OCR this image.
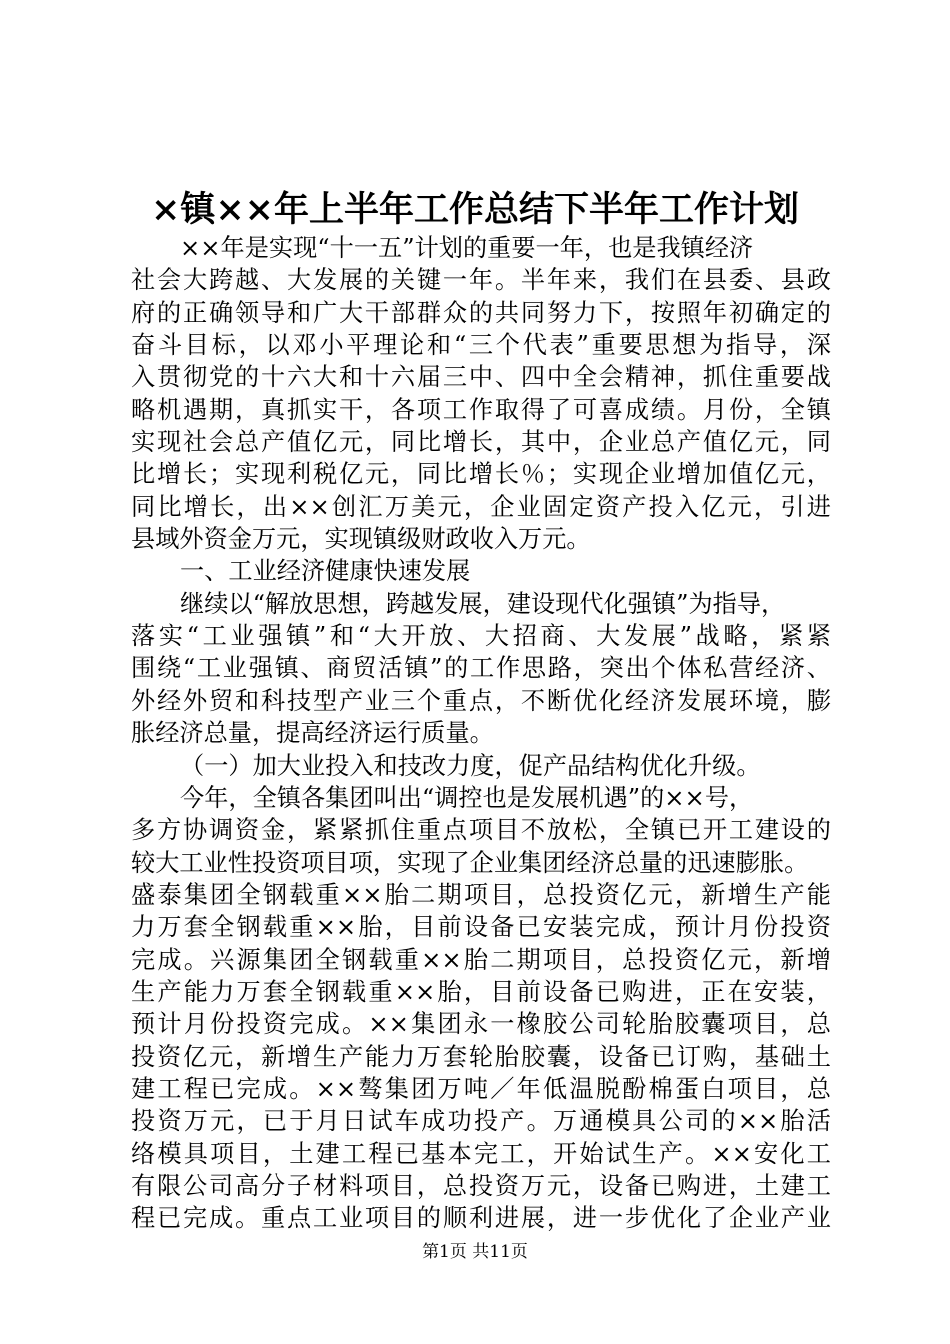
×镇××年上半年工作总结下半年工作计划
××年是实现“十一五”计划的重要一年，也是我镇经济
社会大跨越、大发展的关键一年。半年来，我们在县委、县政
府的正确领导和广大干部群众的共同努力下，按照年初确定的
奋斗目标，以邓小平理论和“三个代表”重要思想为指导，深
入贯彻党的十六大和十六届三中、四中全会精神，抓住重要战
略机遇期，真抓实干，各项工作取得了可喜成绩。月份，全镇
实现社会总产值亿元，同比增长，其中，企业总产值亿元，同
比增长；实现利税亿元，同比增长％；实现企业增加值亿元，
同比增长，出××创汇万美元，企业固定资产投入亿元，引进
县域外资金万元，实现镇级财政收入万元。
一、工业经济健康快速发展
继续以“解放思想，跨越发展，建设现代化强镇”为指导，
落实“工业强镇”和“大开放、大招商、大发展”战略，紧紧
围绕“工业强镇、商贸活镇”的工作思路，突出个体私营经济、
外经外贸和科技型产业三个重点，不断优化经济发展环境，膨
胀经济总量，提高经济运行质量。
（一）加大业投入和技改力度，促产品结构优化升级。
今年，全镇各集团叫出“调控也是发展机遇”的××号，
多方协调资金，紧紧抓住重点项目不放松，全镇已开工建设的
较大工业性投资项目项，实现了企业集团经济总量的迅速膨胀。
盛泰集团全钢载重××胎二期项目，总投资亿元，新增生产能
力万套全钢载重××胎，目前设备已安装完成，预计月份投资
完成。兴源集团全钢载重××胎二期项目，总投资亿元，新增
生产能力万套全钢载重××胎，目前设备已购进，正在安装，
预计月份投资完成。××集团永一橡胶公司轮胎胶囊项目，总
投资亿元，新增生产能力万套轮胎胶囊，设备已订购，基础土
建工程已完成。××骜集团万吨／年低温脱酚棉蛋白项目，总
投资万元，已于月日试车成功投产。万通模具公司的××胎活
络模具项目，土建工程已基本完工，开始试生产。××安化工
有限公司高分子材料项目，总投资万元，设备已购进，土建工
程已完成。重点工业项目的顺利进展，进一步优化了企业产业
第1页 共11页
